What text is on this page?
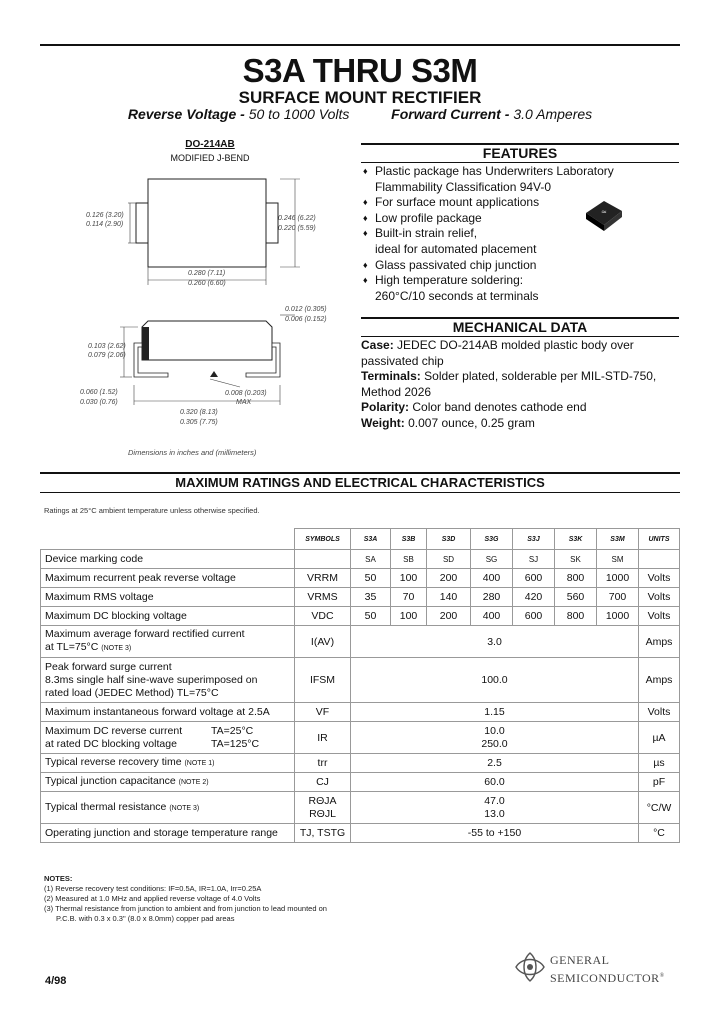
S3A THRU S3M
SURFACE MOUNT RECTIFIER
Reverse Voltage - 50 to 1000 Volts	Forward Current - 3.0 Amperes
DO-214AB
MODIFIED J-BEND
0.126 (3.20)
0.114 (2.90)
0.246 (6.22)
0.220 (5.59)
0.280 (7.11)
0.260 (6.60)
0.012 (0.305)
0.006 (0.152)
0.103 (2.62)
0.079 (2.06)
0.060 (1.52)
0.030 (0.76)
0.008 (0.203)
MAX
0.320 (8.13)
0.305 (7.75)
Dimensions in inches and (millimeters)
FEATURES
♦ Plastic package has Underwriters Laboratory
Flammability Classification 94V-0
♦ For surface mount applications
♦ Low profile package
♦ Built-in strain relief,
ideal for automated placement
♦ Glass passivated chip junction
♦ High temperature soldering:
260°C/10 seconds at terminals
≈
MECHANICAL DATA
Case: JEDEC DO-214AB molded plastic body over passivated chip
Terminals: Solder plated, solderable per MIL-STD-750, Method 2026
Polarity: Color band denotes cathode end
Weight: 0.007 ounce, 0.25 gram
MAXIMUM RATINGS AND ELECTRICAL CHARACTERISTICS
Ratings at 25°C ambient temperature unless otherwise specified.
	SYMBOLS	S3A	S3B	S3D	S3G	S3J	S3K	S3M	UNITS
Device marking code		SA	SB	SD	SG	SJ	SK	SM	
Maximum recurrent peak reverse voltage	VRRM	50	100	200	400	600	800	1000	Volts
Maximum RMS voltage	VRMS	35	70	140	280	420	560	700	Volts
Maximum DC blocking voltage	VDC	50	100	200	400	600	800	1000	Volts
Maximum average forward rectified current
at TL=75°C (NOTE 3)	I(AV)	3.0							Amps
Peak forward surge current
8.3ms single half sine-wave superimposed on
rated load (JEDEC Method) TL=75°C	IFSM	100.0							Amps
Maximum instantaneous forward voltage at 2.5A	VF	1.15							Volts
Maximum DC reverse current TA=25°C

at rated DC blocking voltage TA=125°C	IR	10.0
250.0							µA
Typical reverse recovery time (NOTE 1)	trr	2.5							µs
Typical junction capacitance (NOTE 2)	CJ	60.0							pF
Typical thermal resistance (NOTE 3)	RΘJA
RΘJL	47.0
13.0							°C/W
Operating junction and storage temperature range	TJ, TSTG	-55 to +150							°C
NOTES:
(1) Reverse recovery test conditions: IF=0.5A, IR=1.0A, Irr=0.25A
(2) Measured at 1.0 MHz and applied reverse voltage of 4.0 Volts
(3) Thermal resistance from junction to ambient and from junction to lead mounted on
P.C.B. with 0.3 x 0.3" (8.0 x 8.0mm) copper pad areas
4/98
GENERAL
SEMICONDUCTOR®
